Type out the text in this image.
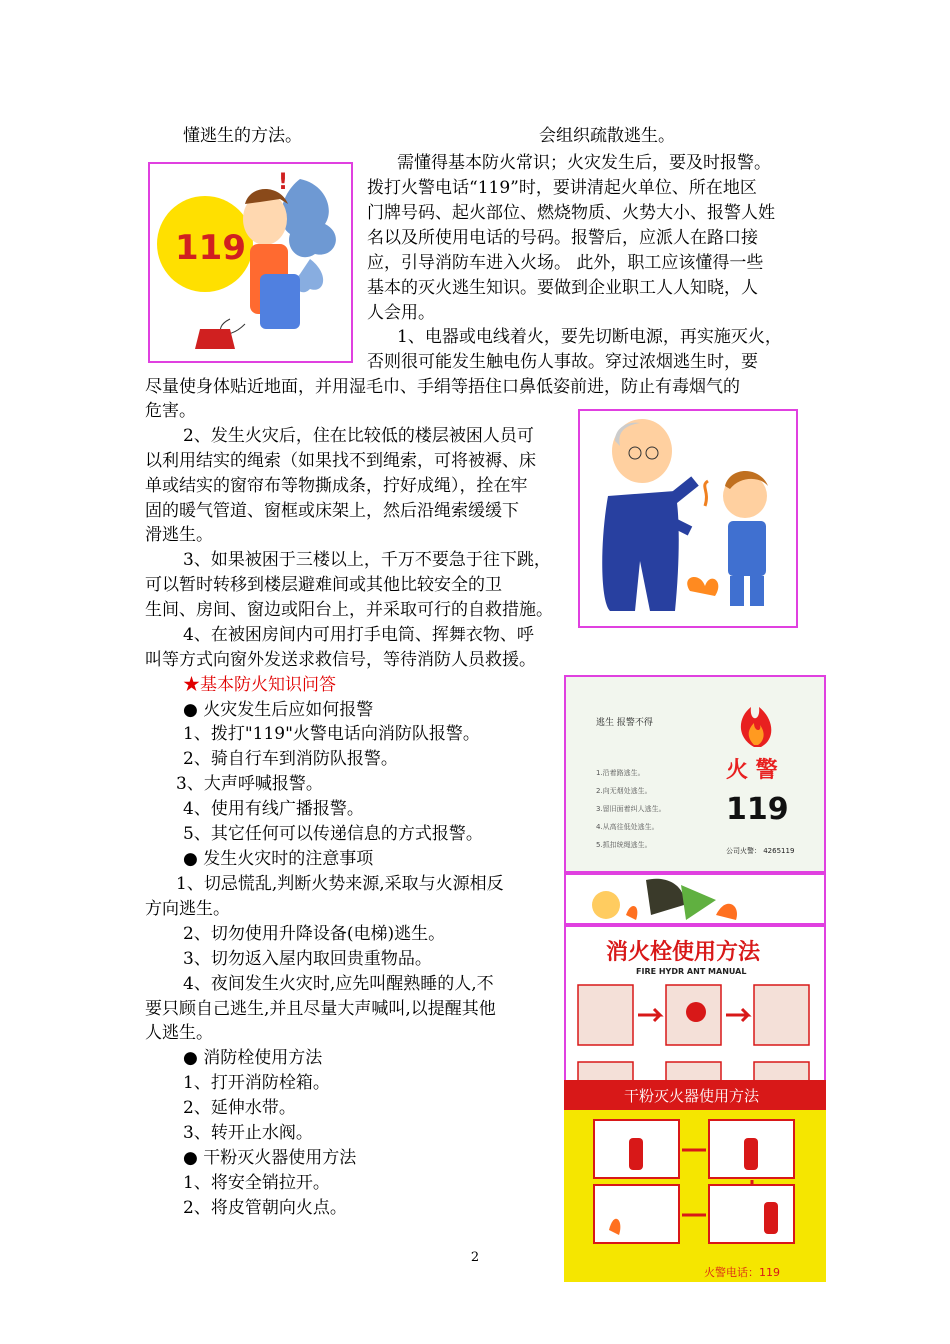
懂逃生的方法。	会组织疏散逃生。
119
!
需懂得基本防火常识；火灾发生后，要及时报警。
拨打火警电话“119”时，要讲清起火单位、所在地区
门牌号码、起火部位、燃烧物质、火势大小、报警人姓
名以及所使用电话的号码。报警后，应派人在路口接
应，引导消防车进入火场。 此外，职工应该懂得一些
基本的灭火逃生知识。要做到企业职工人人知晓，人
人会用。
1、电器或电线着火，要先切断电源，再实施灭火，
否则很可能发生触电伤人事故。穿过浓烟逃生时，要
尽量使身体贴近地面，并用湿毛巾、手绢等捂住口鼻低姿前进，防止有毒烟气的
危害。
2、发生火灾后，住在比较低的楼层被困人员可
以利用结实的绳索（如果找不到绳索，可将被褥、床
单或结实的窗帘布等物撕成条，拧好成绳），拴在牢
固的暖气管道、窗框或床架上，然后沿绳索缓缓下
滑逃生。
3、如果被困于三楼以上，千万不要急于往下跳，
可以暂时转移到楼层避难间或其他比较安全的卫
生间、房间、窗边或阳台上，并采取可行的自救措施。
4、在被困房间内可用打手电筒、挥舞衣物、呼
叫等方式向窗外发送求救信号，等待消防人员救援。
★基本防火知识问答
● 火灾发生后应如何报警
1、拨打"119"火警电话向消防队报警。
2、骑自行车到消防队报警。
3、大声呼喊报警。
4、使用有线广播报警。
5、其它任何可以传递信息的方式报警。
● 发生火灾时的注意事项
1、切忌慌乱,判断火势来源,采取与火源相反
方向逃生。
2、切勿使用升降设备(电梯)逃生。
3、切勿返入屋内取回贵重物品。
4、夜间发生火灾时,应先叫醒熟睡的人,不
要只顾自己逃生,并且尽量大声喊叫,以提醒其他
人逃生。
● 消防栓使用方法
1、打开消防栓箱。
2、延伸水带。
3、转开止水阀。
● 干粉灭火器使用方法
1、将安全销拉开。
2、将皮管朝向火点。
逃生 报警不得
1.沿着路逃生。
2.向无烟处逃生。
3.留旧面着纠人逃生。
4.从高往低处逃生。
5.抓扣统绳逃生。
火 警
119
公司火警： 4265119
消火栓使用方法
FIRE HYDR ANT MANUAL
干粉灭火器使用方法
火警电话：119
2
